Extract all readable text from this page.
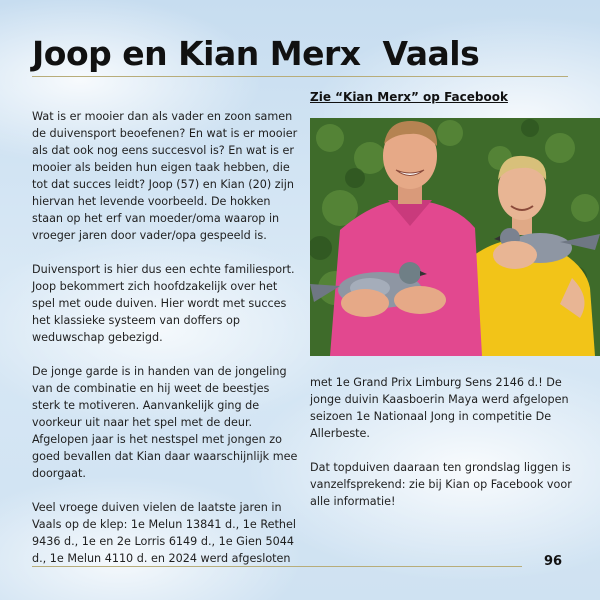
Joop en Kian Merx  Vaals

Wat is er mooier dan als vader en zoon samen de duivensport beoefenen? En wat is er mooier als dat ook nog eens succesvol is? En wat is er mooier als beiden hun eigen taak hebben, die tot dat succes leidt? Joop (57) en Kian (20) zijn hiervan het levende voorbeeld. De hokken staan op het erf van moeder/oma waarop in vroeger jaren door vader/opa gespeeld is.

Duivensport is hier dus een echte familiesport. Joop bekommert zich hoofdzakelijk over het spel met oude duiven. Hier wordt met succes het klassieke systeem van doffers op weduwschap gebezigd.

De jonge garde is in handen van de jongeling van de combinatie en hij weet de beestjes sterk te motiveren. Aanvankelijk ging de voorkeur uit naar het spel met de deur. Afgelopen jaar is het nestspel met jongen zo goed bevallen dat Kian daar waarschijnlijk mee doorgaat.

Veel vroege duiven vielen de laatste jaren in Vaals op de klep: 1e Melun 13841 d., 1e Rethel 9436 d., 1e en 2e Lorris 6149 d., 1e Gien 5044 d., 1e Melun 4110 d. en 2024 werd afgesloten

Zie “Kian Merx” op Facebook

met 1e Grand Prix Limburg Sens 2146 d.! De jonge duivin Kaasboerin Maya werd afgelopen seizoen 1e Nationaal Jong in competitie De Allerbeste.

Dat topduiven daaraan ten grondslag liggen is vanzelfsprekend: zie bij Kian op Facebook voor alle informatie!

96
